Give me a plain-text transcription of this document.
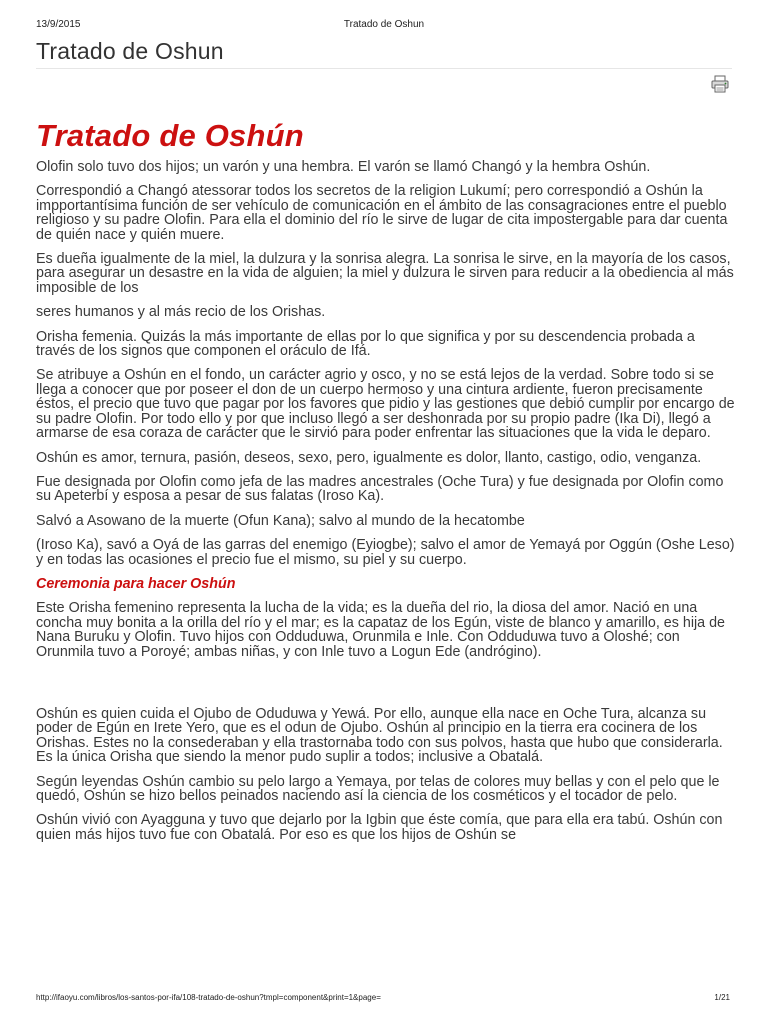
13/9/2015	Tratado de Oshun
Tratado de Oshun
Tratado de Oshún

Olofin solo tuvo dos hijos; un varón y una hembra. El varón se llamó Changó y la hembra Oshún.

Correspondió a Changó atessorar todos los secretos de la religion Lukumí; pero correspondió a Oshún la impportantísima función de ser vehículo de comunicación en el ámbito de las consagraciones entre el pueblo religioso y su padre Olofin. Para ella el dominio del río le sirve de lugar de cita impostergable para dar cuenta de quién nace y quién muere.

Es dueña igualmente de la miel, la dulzura y la sonrisa alegra. La sonrisa le sirve, en la mayoría de los casos, para asegurar un desastre en la vida de alguien; la miel y dulzura le sirven para reducir a la obediencia al más imposible de los

seres humanos y al más recio de los Orishas.

Orisha femenia. Quizás la más importante de ellas por lo que significa y por su descendencia probada a través de los signos que componen el oráculo de Ifá.

Se atribuye a Oshún en el fondo, un carácter agrio y osco, y no se está lejos de la verdad. Sobre todo si se llega a conocer que por poseer el don de un cuerpo hermoso y una cintura ardiente, fueron precisamente éstos, el precio que tuvo que pagar por los favores que pidio y las gestiones que debió cumplir por encargo de su padre Olofin. Por todo ello y por que incluso llegó a ser deshonrada por su propio padre (Ika Di), llegó a armarse de esa coraza de carácter que le sirvió para poder enfrentar las situaciones que la vida le deparo.

Oshún es amor, ternura, pasión, deseos, sexo, pero, igualmente es dolor, llanto, castigo, odio, venganza.

Fue designada por Olofin como jefa de las madres ancestrales (Oche Tura) y fue designada por Olofin como su Apeterbí y esposa a pesar de sus falatas (Iroso Ka).

Salvó a Asowano de la muerte (Ofun Kana); salvo al mundo de la hecatombe

(Iroso Ka), savó a Oyá de las garras del enemigo (Eyiogbe); salvo el amor de Yemayá por Oggún (Oshe Leso) y en todas las ocasiones el precio fue el mismo, su piel y su cuerpo.

Ceremonia para hacer Oshún

Este Orisha femenino representa la lucha de la vida; es la dueña del rio, la diosa del amor. Nació en una concha muy bonita a la orilla del río y el mar; es la capataz de los Egún, viste de blanco y amarillo, es hija de Nana Buruku y Olofin. Tuvo hijos con Odduduwa, Orunmila e Inle. Con Odduduwa tuvo a Oloshé; con Orunmila tuvo a Poroyé; ambas niñas, y con Inle tuvo a Logun Ede (andrógino).

Oshún es quien cuida el Ojubo de Oduduwa y Yewá. Por ello, aunque ella nace en Oche Tura, alcanza su poder de Egún en Irete Yero, que es el odun de Ojubo. Oshún al principio en la tierra era cocinera de los Orishas. Estes no la consederaban y ella trastornaba todo con sus polvos, hasta que hubo que considerarla. Es la única Orisha que siendo la menor pudo suplir a todos; inclusive a Obatalá.

Según leyendas Oshún cambio su pelo largo a Yemaya, por telas de colores muy bellas y con el pelo que le quedó, Oshún se hizo bellos peinados naciendo así la ciencia de los cosméticos y el tocador de pelo.

Oshún vivió con Ayagguna y tuvo que dejarlo por la Igbin que éste comía, que para ella era tabú. Oshún con quien más hijos tuvo fue con Obatalá. Por eso es que los hijos de Oshún se

http://ifaoyu.com/libros/los-santos-por-ifa/108-tratado-de-oshun?tmpl=component&print=1&page=	1/21
